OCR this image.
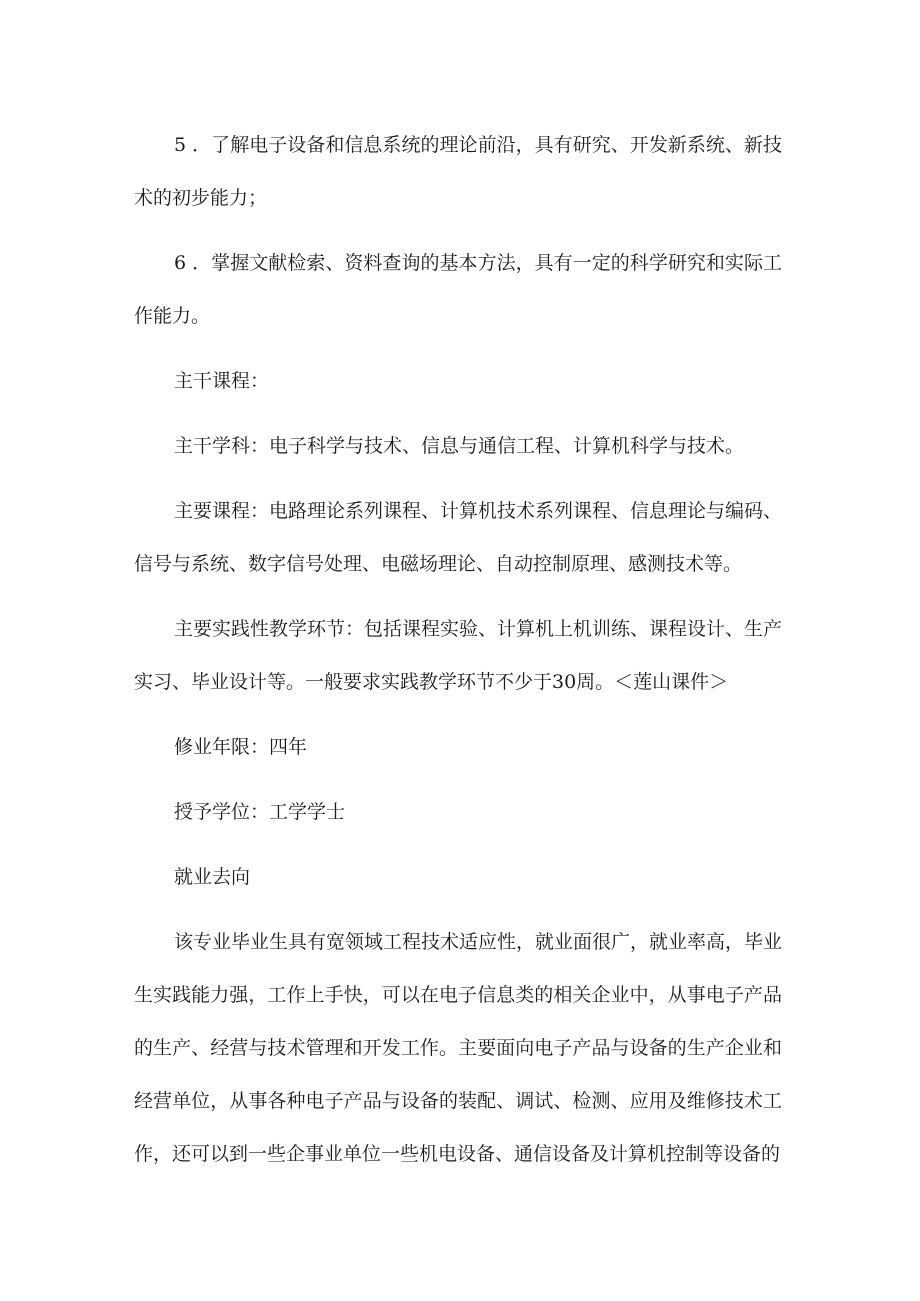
5 ．了解电子设备和信息系统的理论前沿，具有研究、开发新系统、新技术的初步能力；

6 ．掌握文献检索、资料查询的基本方法，具有一定的科学研究和实际工作能力。

主干课程：

主干学科：电子科学与技术、信息与通信工程、计算机科学与技术。

主要课程：电路理论系列课程、计算机技术系列课程、信息理论与编码、信号与系统、数字信号处理、电磁场理论、自动控制原理、感测技术等。

主要实践性教学环节：包括课程实验、计算机上机训练、课程设计、生产实习、毕业设计等。一般要求实践教学环节不少于30周。＜莲山课件＞

修业年限：四年

授予学位：工学学士

就业去向

该专业毕业生具有宽领域工程技术适应性，就业面很广，就业率高，毕业生实践能力强，工作上手快，可以在电子信息类的相关企业中，从事电子产品的生产、经营与技术管理和开发工作。主要面向电子产品与设备的生产企业和经营单位，从事各种电子产品与设备的装配、调试、检测、应用及维修技术工作，还可以到一些企事业单位一些机电设备、通信设备及计算机控制等设备的
